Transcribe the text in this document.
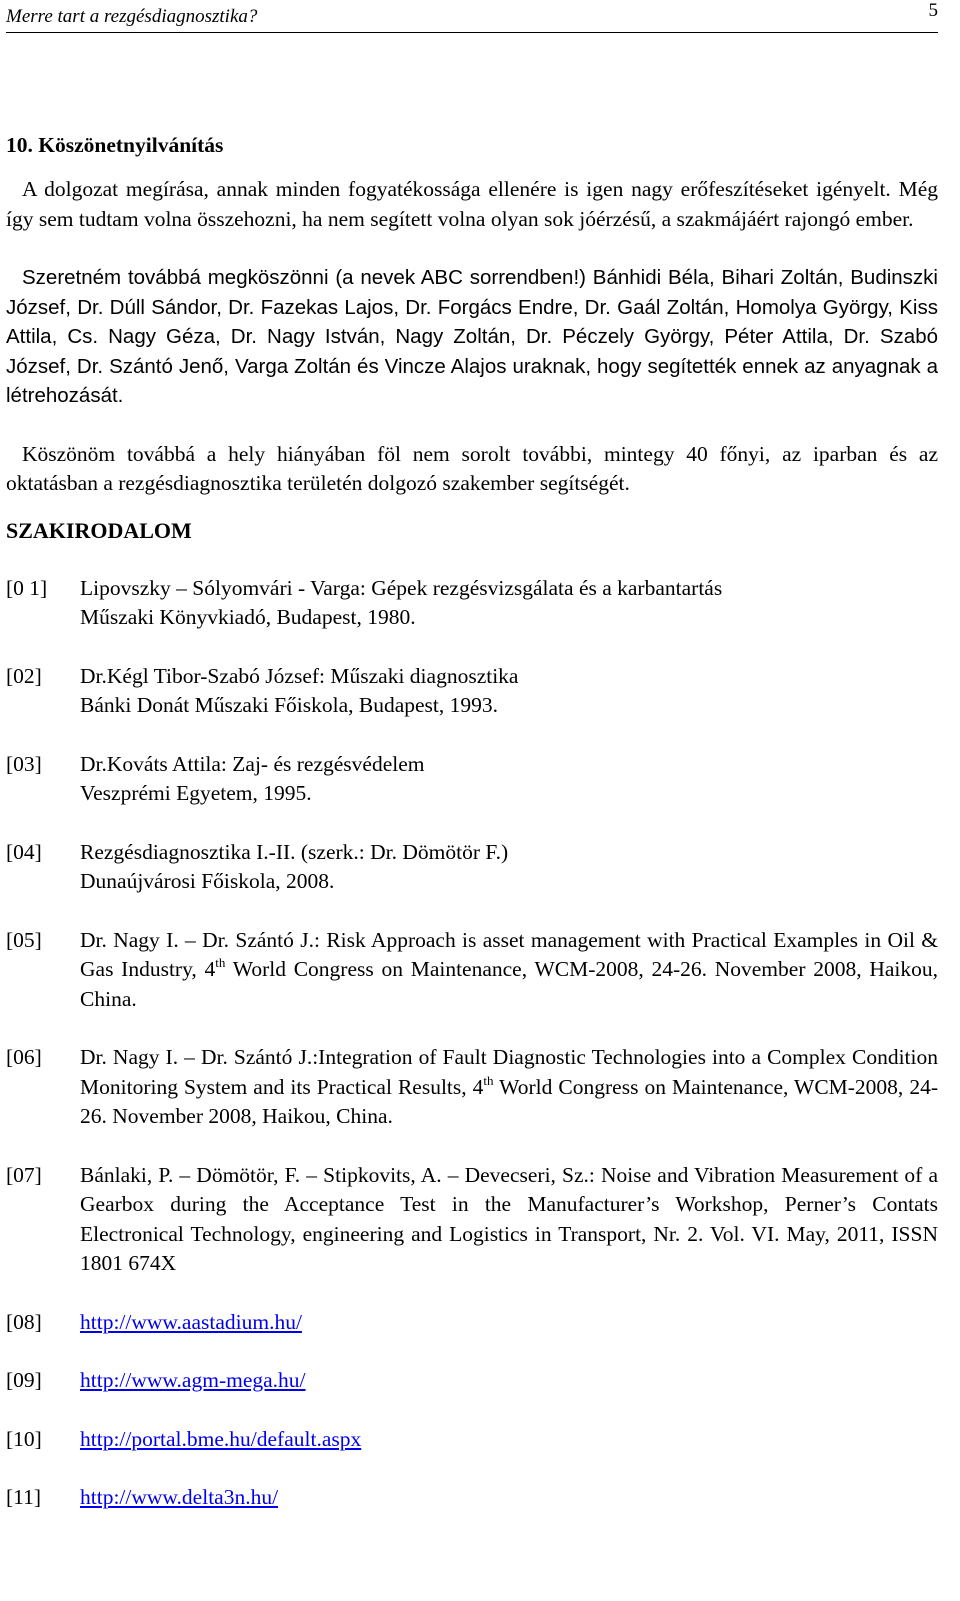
Merre tart a rezgésdiagnosztika?	5
10. Köszönetnyilvánítás

A dolgozat megírása, annak minden fogyatékossága ellenére is igen nagy erőfeszítéseket igényelt. Még így sem tudtam volna összehozni, ha nem segített volna olyan sok jóérzésű, a szakmájáért rajongó ember.

Szeretném továbbá megköszönni (a nevek ABC sorrendben!) Bánhidi Béla, Bihari Zoltán, Budinszki József, Dr. Dúll Sándor, Dr. Fazekas Lajos, Dr. Forgács Endre, Dr. Gaál Zoltán, Homolya György, Kiss Attila, Cs. Nagy Géza, Dr. Nagy István, Nagy Zoltán, Dr. Péczely György, Péter Attila, Dr. Szabó József, Dr. Szántó Jenő, Varga Zoltán és Vincze Alajos uraknak, hogy segítették ennek az anyagnak a létrehozását.

Köszönöm továbbá a hely hiányában föl nem sorolt további, mintegy 40 főnyi, az iparban és az oktatásban a rezgésdiagnosztika területén dolgozó szakember segítségét.

SZAKIRODALOM
[0 1] Lipovszky – Sólyomvári - Varga: Gépek rezgésvizsgálata és a karbantartás
Műszaki Könyvkiadó, Budapest, 1980.
[02] Dr.Kégl Tibor-Szabó József: Műszaki diagnosztika
Bánki Donát Műszaki Főiskola, Budapest, 1993.
[03] Dr.Kováts Attila: Zaj- és rezgésvédelem
Veszprémi Egyetem, 1995.
[04] Rezgésdiagnosztika I.-II. (szerk.: Dr. Dömötör F.)
Dunaújvárosi Főiskola, 2008.
[05] Dr. Nagy I. – Dr. Szántó J.: Risk Approach is asset management with Practical Examples in Oil & Gas Industry, 4th World Congress on Maintenance, WCM-2008, 24-26. November 2008, Haikou, China.
[06] Dr. Nagy I. – Dr. Szántó J.:Integration of Fault Diagnostic Technologies into a Complex Condition Monitoring System and its Practical Results, 4th World Congress on Maintenance, WCM-2008, 24-26. November 2008, Haikou, China.
[07] Bánlaki, P. – Dömötör, F. – Stipkovits, A. – Devecseri, Sz.: Noise and Vibration Measurement of a Gearbox during the Acceptance Test in the Manufacturer’s Workshop, Perner’s Contats Electronical Technology, engineering and Logistics in Transport, Nr. 2. Vol. VI. May, 2011, ISSN 1801 674X
[08] http://www.aastadium.hu/
[09] http://www.agm-mega.hu/
[10] http://portal.bme.hu/default.aspx
[11] http://www.delta3n.hu/
